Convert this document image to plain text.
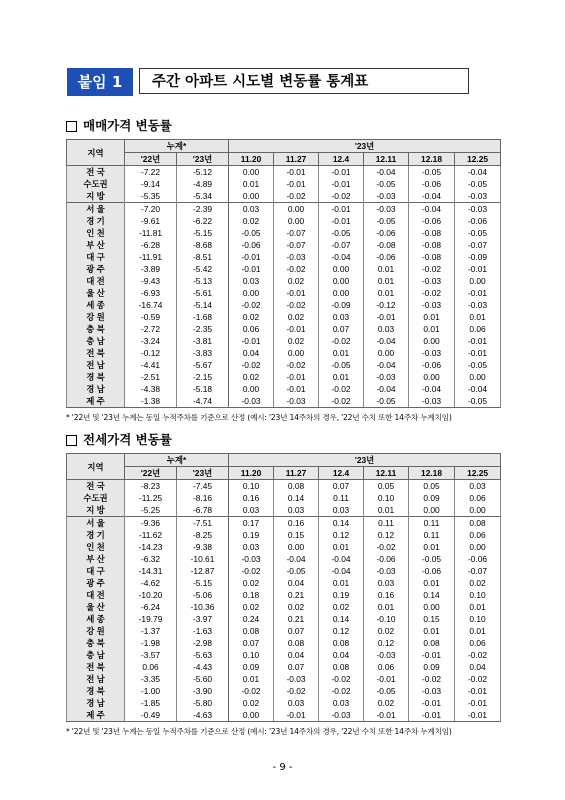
붙임 1	주간 아파트 시도별 변동률 통계표
매매가격 변동률
지역	누계*		'23년					
	'22년	'23년	11.20	11.27	12.4	12.11	12.18	12.25
전 국	-7.22	-5.12	0.00	-0.01	-0.01	-0.04	-0.05	-0.04
수도권	-9.14	-4.89	0.01	-0.01	-0.01	-0.05	-0.06	-0.05
지 방	-5.35	-5.34	0.00	-0.02	-0.02	-0.03	-0.04	-0.03
서 울	-7.20	-2.39	0.03	0.00	-0.01	-0.03	-0.04	-0.03
경 기	-9.61	-6.22	0.02	0.00	-0.01	-0.05	-0.06	-0.06
인 천	-11.81	-5.15	-0.05	-0.07	-0.05	-0.06	-0.08	-0.05
부 산	-6.28	-8.68	-0.06	-0.07	-0.07	-0.08	-0.08	-0.07
대 구	-11.91	-8.51	-0.01	-0.03	-0.04	-0.06	-0.08	-0.09
광 주	-3.89	-5.42	-0.01	-0.02	0.00	0.01	-0.02	-0.01
대 전	-9.43	-5.13	0.03	0.02	0.00	0.01	-0.03	0.00
울 산	-6.93	-5.61	0.00	-0.01	0.00	0.01	-0.02	-0.01
세 종	-16.74	-5.14	-0.02	-0.02	-0.09	-0.12	-0.03	-0.03
강 원	-0.59	-1.68	0.02	0.02	0.03	-0.01	0.01	0.01
충 북	-2.72	-2.35	0.06	-0.01	0.07	0.03	0.01	0.06
충 남	-3.24	-3.81	-0.01	0.02	-0.02	-0.04	0.00	-0.01
전 북	-0.12	-3.83	0.04	0.00	0.01	0.00	-0.03	-0.01
전 남	-4.41	-5.67	-0.02	-0.02	-0.05	-0.04	-0.06	-0.05
경 북	-2.51	-2.15	0.02	-0.01	0.01	-0.03	0.00	0.00
경 남	-4.38	-5.18	0.00	-0.01	-0.02	-0.04	-0.04	-0.04
제 주	-1.38	-4.74	-0.03	-0.03	-0.02	-0.05	-0.03	-0.05
* '22년 및 '23년 누계는 동일 누적주차를 기준으로 산정 (예시: '23년 14주차의 경우, '22년 수치 또한 14주차 누계치임)
전세가격 변동률
지역	누계*		'23년					
	'22년	'23년	11.20	11.27	12.4	12.11	12.18	12.25
전 국	-8.23	-7.45	0.10	0.08	0.07	0.05	0.05	0.03
수도권	-11.25	-8.16	0.16	0.14	0.11	0.10	0.09	0.06
지 방	-5.25	-6.78	0.03	0.03	0.03	0.01	0.00	0.00
서 울	-9.36	-7.51	0.17	0.16	0.14	0.11	0.11	0.08
경 기	-11.62	-8.25	0.19	0.15	0.12	0.12	0.11	0.06
인 천	-14.23	-9.38	0.03	0.00	0.01	-0.02	0.01	0.00
부 산	-6.32	-10.61	-0.03	-0.04	-0.04	-0.06	-0.05	-0.06
대 구	-14.31	-12.87	-0.02	-0.05	-0.04	-0.03	-0.06	-0.07
광 주	-4.62	-5.15	0.02	0.04	0.01	0.03	0.01	0.02
대 전	-10.20	-5.06	0.18	0.21	0.19	0.16	0.14	0.10
울 산	-6.24	-10.36	0.02	0.02	0.02	0.01	0.00	0.01
세 종	-19.79	-3.97	0.24	0.21	0.14	-0.10	0.15	0.10
강 원	-1.37	-1.63	0.08	0.07	0.12	0.02	0.01	0.01
충 북	-1.98	-2.98	0.07	0.08	0.08	0.12	0.08	0.06
충 남	-3.57	-5.63	0.10	0.04	0.04	-0.03	-0.01	-0.02
전 북	0.06	-4.43	0.09	0.07	0.08	0.06	0.09	0.04
전 남	-3.35	-5.60	0.01	-0.03	-0.02	-0.01	-0.02	-0.02
경 북	-1.00	-3.90	-0.02	-0.02	-0.02	-0.05	-0.03	-0.01
경 남	-1.85	-5.80	0.02	0.03	0.03	0.02	-0.01	-0.01
제 주	-0.49	-4.63	0.00	-0.01	-0.03	-0.01	-0.01	-0.01
* '22년 및 '23년 누계는 동일 누적주차를 기준으로 산정 (예시: '23년 14주차의 경우, '22년 수치 또한 14주차 누계치임)
- 9 -
